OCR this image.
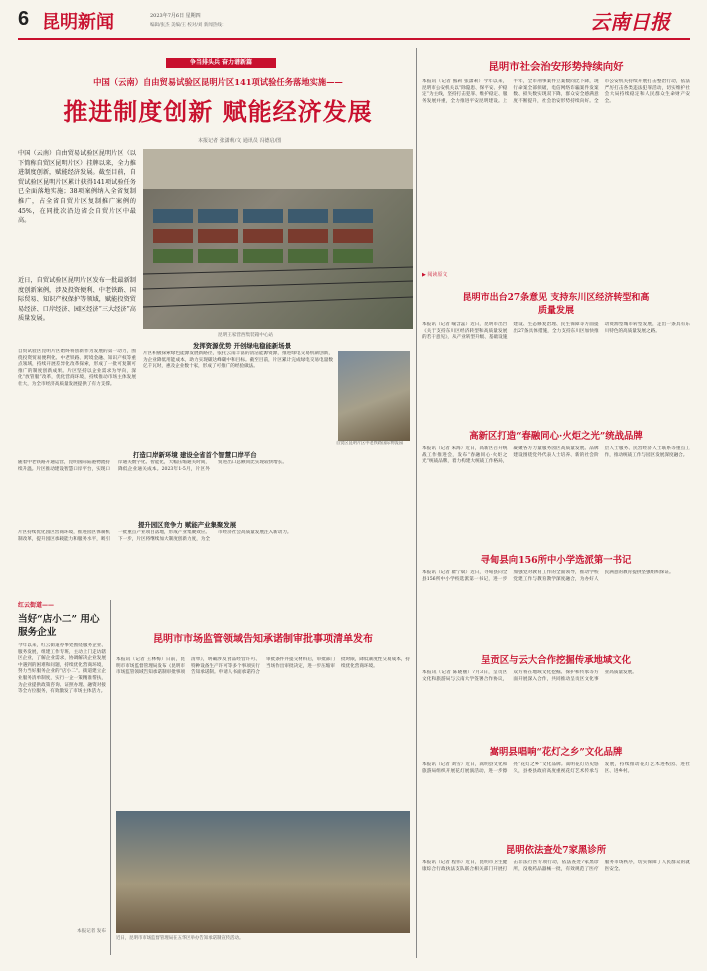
6 昆明新闻	2023年7月6日 星期四
编辑/张杰 美编/王 校对/刘 新闻热线：	云南日报
争当排头兵 奋力谱新篇
中国（云南）自由贸易试验区昆明片区141项试验任务落地实施——
推进制度创新 赋能经济发展
本报记者 张潇莉/文 通讯员 冯德启/图
中国（云南）自由贸易试验区昆明片区（以下简称自贸区昆明片区）挂牌以来，全力推进制度创新，赋能经济发展。截至目前，自贸试验区昆明片区累计获得141项试验任务已全面落地实施；38项案例纳入全省复制推广，占全省自贸片区复制推广案例的45%，在同批次沿边省会自贸片区中最高。
近日，自贸试验区昆明片区发布一批最新制度创新案例，涉及投资便利、中老铁路、国际贸易、知识产权保护等领域，赋能投资贸易经济、口岸经济、园区经济“三大经济”高质量发展。
昆明王家营西集装箱中心站
自贸试验区昆明片区始终将创新作为发展的第一动力，围绕投资贸易便利化、中老铁路、跨境金融、知识产权等重点领域，持续开展差异化改革探索，形成了一批可复制可推广的制度创新成果。片区坚持以企业需求为导向，深化“放管服”改革，优化营商环境，持续推动市场主体发展壮大，为全市经济高质量发展提供了有力支撑。
发挥资源优势 开创绿电稳能新场景
片区积极探索绿色能源发展新路径，依托云南丰富的清洁能源资源，推进绿电交易机制创新，为企业降低用能成本，助力实现碳达峰碳中和目标。截至目前，片区累计完成绿电交易电量数亿千瓦时，惠及企业数十家，形成了可推广的经验做法。
自贸区昆明片区中老铁路国际物流园
打造口岸新环境 建设全省首个智慧口岸平台
随着中老铁路开通运营，昆明国际陆港物流持续升温。片区推动建设智慧口岸平台，实现口岸通关数字化、智能化，大幅压缩通关时间，降低企业通关成本。2023年1-5月，片区外贸进出口总额同比实现较快增长。
提升园区竞争力 赋能产业集聚发展
片区持续优化园区营商环境，推进园区体制机制改革，提升园区承载能力和服务水平，吸引一批重点产业项目落地，形成产业集聚效应。下一步，片区将继续加大制度创新力度，为全市经济社会高质量发展注入新动力。
红云街道——
当好“店小二” 用心服务企业
今年以来，红云街道办事处围绕服务企业、服务发展，组建工作专班，主动上门走访辖区企业，了解企业需求，协调解决企业发展中遇到的困难和问题，持续优化营商环境，努力当好服务企业的“店小二”。街道建立企业服务清单制度，实行一企一策精准帮扶，为企业提供政策咨询、证照办理、融资对接等全方位服务，有效激发了市场主体活力。
本报记者 发布
昆明市市场监管领域告知承诺制审批事项清单发布
本报讯（记者 王林梅）日前，昆明市市场监督管理局发布《昆明市市场监管领域告知承诺制审批事项清单》，明确涉及食品经营许可、特种设备生产许可等多个事项实行告知承诺制。申请人书面承诺符合审批条件并提交材料后，审批部门当场作出审批决定，进一步压缩审批时限，降低制度性交易成本，持续优化营商环境。
近日，昆明市市场监督管理局在五华区举办告知承诺制宣传活动。
昆明市社会治安形势持续向好
本报讯（记者 熊莉 张潇莉）今年以来，昆明市公安机关以“除隐患、保平安、护稳定”为主线，坚持打击犯罪、维护稳定、服务发展并重，全力推进平安昆明建设。上半年，全市刑事案件立案数同比下降，现行命案全部侦破，电信网络诈骗案件发案数、损失数实现双下降，群众安全感满意度不断提升，社会治安形势持续向好。全市公安机关持续开展打击整治行动，依法严厉打击各类违法犯罪活动，切实维护社会大局持续稳定和人民群众生命财产安全。
▶ 阅读原文
昆明市出台27条意见 支持东川区经济转型和高质量发展
本报讯（记者 喻含蕊）近日，昆明市出台《关于支持东川区经济转型和高质量发展的若干意见》，从产业转型升级、基础设施建设、生态修复治理、民生保障等方面提出27条具体措施，全力支持东川区加快推动资源型城市转型发展，走出一条具有东川特色的高质量发展之路。
高新区打造“春融同心·火炬之光”统战品牌
本报讯（记者 朱海）近日，高新区召开统战工作推进会，发布“春融同心·火炬之光”统战品牌，着力构建大统战工作格局，凝聚各方力量服务园区高质量发展。品牌建设围绕党外代表人士培养、新的社会阶层人士服务、民营经济人士联系等重点工作，推动统战工作与园区发展深度融合。
寻甸县向156所中小学选派第一书记
本报讯（记者 瞿宁斌）近日，寻甸县向全县156所中小学校选派第一书记，进一步加强党对教育工作的全面领导，推动学校党建工作与教育教学深度融合，为办好人民满意的教育提供坚强组织保证。
呈贡区与云大合作挖掘传承地域文化
本报讯（记者 陈晓丽）7月3日，呈贡区文化和旅游局与云南大学签署合作协议，双方将在地域文化挖掘、保护和传承等方面开展深入合作，共同推动呈贡区文化事业高质量发展。
嵩明县唱响“花灯之乡”文化品牌
本报讯（记者 刘雪）近日，嵩明县文化和旅游局组织开展花灯展演活动，进一步擦亮“花灯之乡”文化品牌。嵩明花灯历史悠久，县委县政府高度重视花灯艺术传承与发展，持续推动花灯艺术进校园、进社区、进乡村。
昆明依法查处7家黑诊所
本报讯（记者 程伟）近日，昆明市卫生健康综合行政执法支队联合相关部门开展打击非法行医专项行动，依法查处7家黑诊所，没收药品器械一批，有效规范了医疗服务市场秩序，切实保障了人民群众的就医安全。
